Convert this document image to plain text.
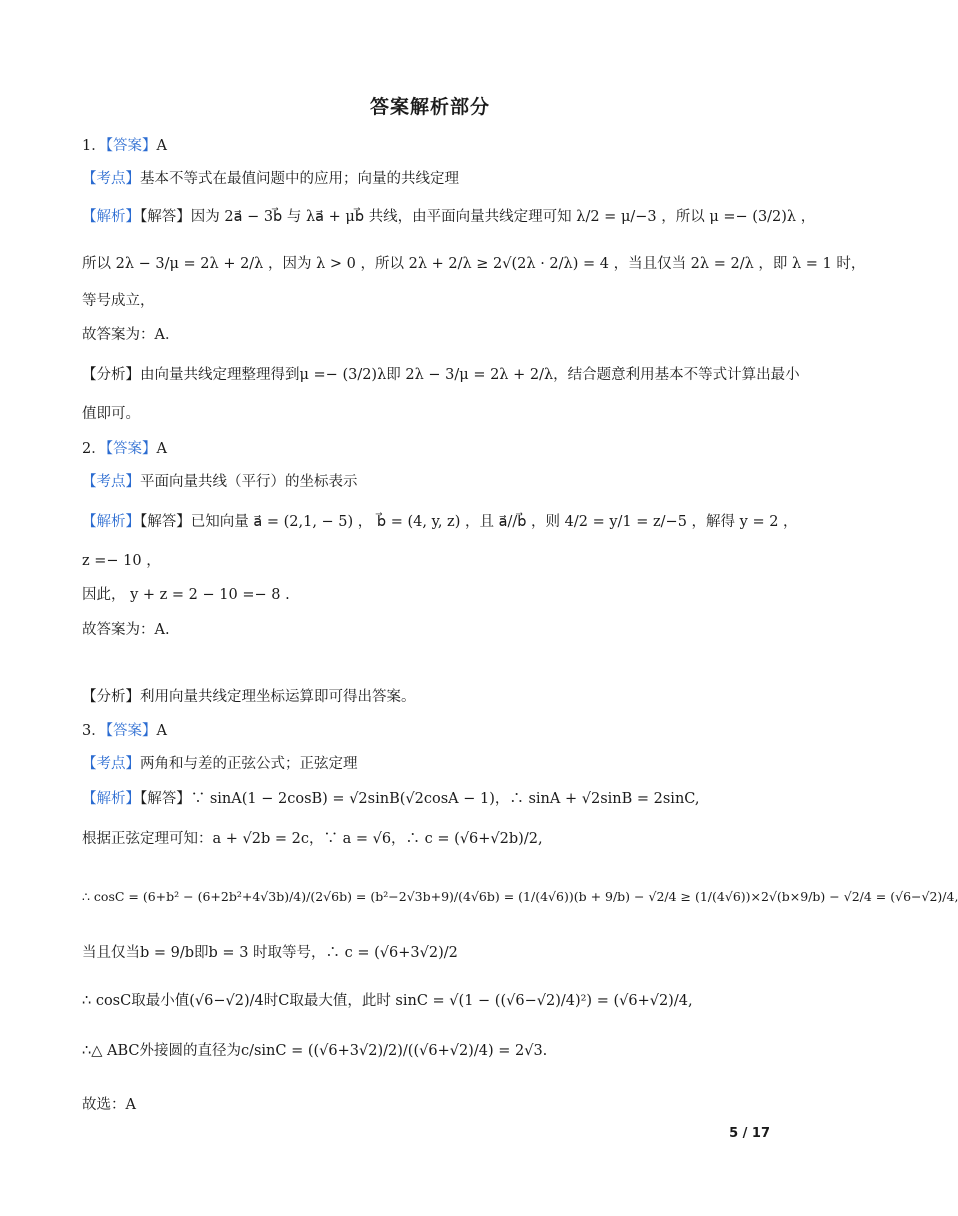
答案解析部分
1．【答案】A
【考点】基本不等式在最值问题中的应用；向量的共线定理
【解析】【解答】因为 2a⃗ − 3b⃗ 与 λa⃗ + μb⃗ 共线，由平面向量共线定理可知 λ/2 = μ/−3 ，所以 μ =− (3/2)λ ，
所以 2λ − 3/μ = 2λ + 2/λ ，因为 λ > 0 ，所以 2λ + 2/λ ≥ 2√(2λ · 2/λ) = 4 ，当且仅当 2λ = 2/λ ，即 λ = 1 时，
等号成立，
故答案为：A．
【分析】由向量共线定理整理得到μ =− (3/2)λ即 2λ − 3/μ = 2λ + 2/λ，结合题意利用基本不等式计算出最小
值即可。
2．【答案】A
【考点】平面向量共线（平行）的坐标表示
【解析】【解答】已知向量 a⃗ = (2,1, − 5) ， b⃗ = (4, y, z) ，且 a⃗//b⃗ ，则 4/2 = y/1 = z/−5 ，解得 y = 2 ，
z =− 10 ，
因此， y + z = 2 − 10 =− 8 .
故答案为：A.
【分析】利用向量共线定理坐标运算即可得出答案。
3．【答案】A
【考点】两角和与差的正弦公式；正弦定理
【解析】【解答】∵ sinA(1 − 2cosB) = √2sinB(√2cosA − 1)，∴ sinA + √2sinB = 2sinC,
根据正弦定理可知：a + √2b = 2c，∵ a = √6，∴ c = (√6+√2b)/2,
∴ cosC = (6+b² − (6+2b²+4√3b)/4)/(2√6b) = (b²−2√3b+9)/(4√6b) = (1/(4√6))(b + 9/b) − √2/4 ≥ (1/(4√6))×2√(b×9/b) − √2/4 = (√6−√2)/4,
当且仅当b = 9/b即b = 3 时取等号，∴ c = (√6+3√2)/2
∴ cosC取最小值(√6−√2)/4时C取最大值，此时 sinC = √(1 − ((√6−√2)/4)²) = (√6+√2)/4,
∴△ ABC外接圆的直径为c/sinC = ((√6+3√2)/2)/((√6+√2)/4) = 2√3.
故选：A
5 / 17
